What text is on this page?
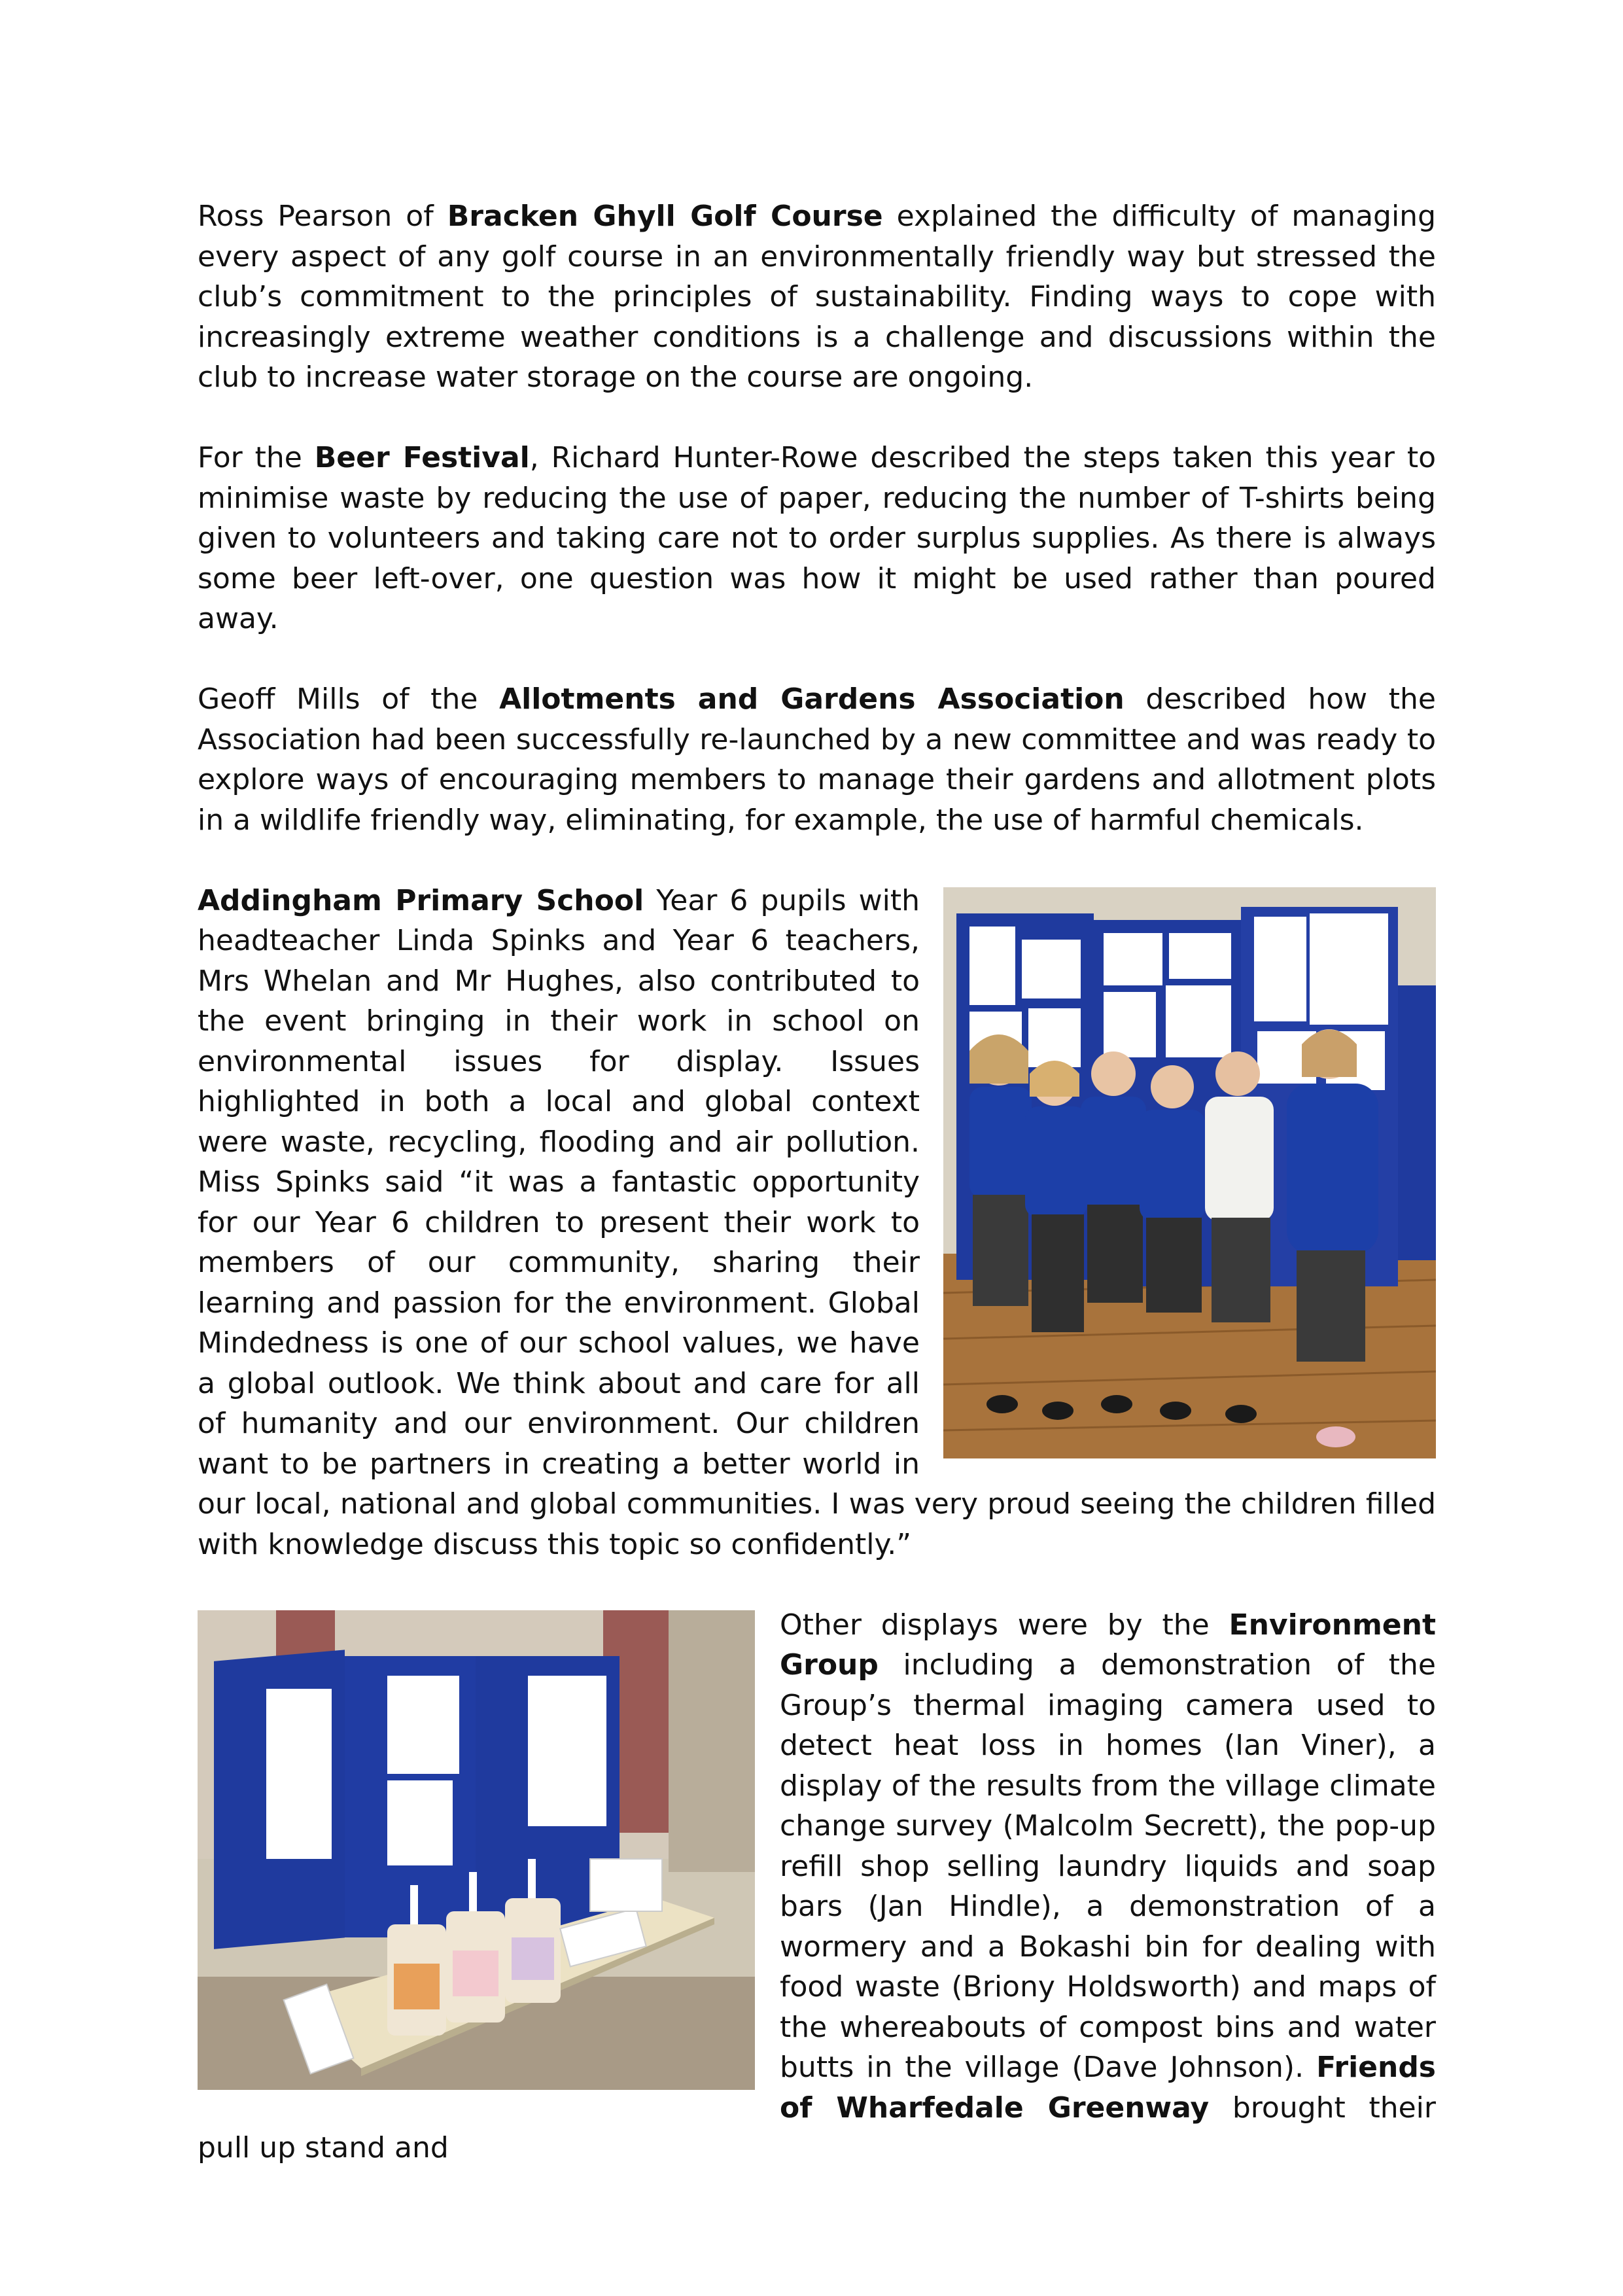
Ross Pearson of Bracken Ghyll Golf Course explained the difficulty of managing every aspect of any golf course in an environmentally friendly way but stressed the club’s commitment to the principles of sustainability. Finding ways to cope with increasingly extreme weather conditions is a challenge and discussions within the club to increase water storage on the course are ongoing.

For the Beer Festival, Richard Hunter-Rowe described the steps taken this year to minimise waste by reducing the use of paper, reducing the number of T-shirts being given to volunteers and taking care not to order surplus supplies. As there is always some beer left-over, one question was how it might be used rather than poured away.

Geoff Mills of the Allotments and Gardens Association described how the Association had been successfully re-launched by a new committee and was ready to explore ways of encouraging members to manage their gardens and allotment plots in a wildlife friendly way, eliminating, for example, the use of harmful chemicals.

Addingham Primary School Year 6 pupils with headteacher Linda Spinks and Year 6 teachers, Mrs Whelan and Mr Hughes, also contributed to the event bringing in their work in school on environmental issues for display. Issues highlighted in both a local and global context were waste, recycling, flooding and air pollution. Miss Spinks said “it was a fantastic opportunity for our Year 6 children to present their work to members of our community, sharing their learning and passion for the environment. Global Mindedness is one of our school values, we have a global outlook. We think about and care for all of humanity and our environment. Our children want to be partners in creating a better world in our local, national and global communities. I was very proud seeing the children filled with knowledge discuss this topic so confidently.”

Other displays were by the Environment Group including a demonstration of the Group’s thermal imaging camera used to detect heat loss in homes (Ian Viner), a display of the results from the village climate change survey (Malcolm Secrett), the pop-up refill shop selling laundry liquids and soap bars (Jan Hindle), a demonstration of a wormery and a Bokashi bin for dealing with food waste (Briony Holdsworth) and maps of the whereabouts of compost bins and water butts in the village (Dave Johnson). Friends of Wharfedale Greenway brought their pull up stand and
